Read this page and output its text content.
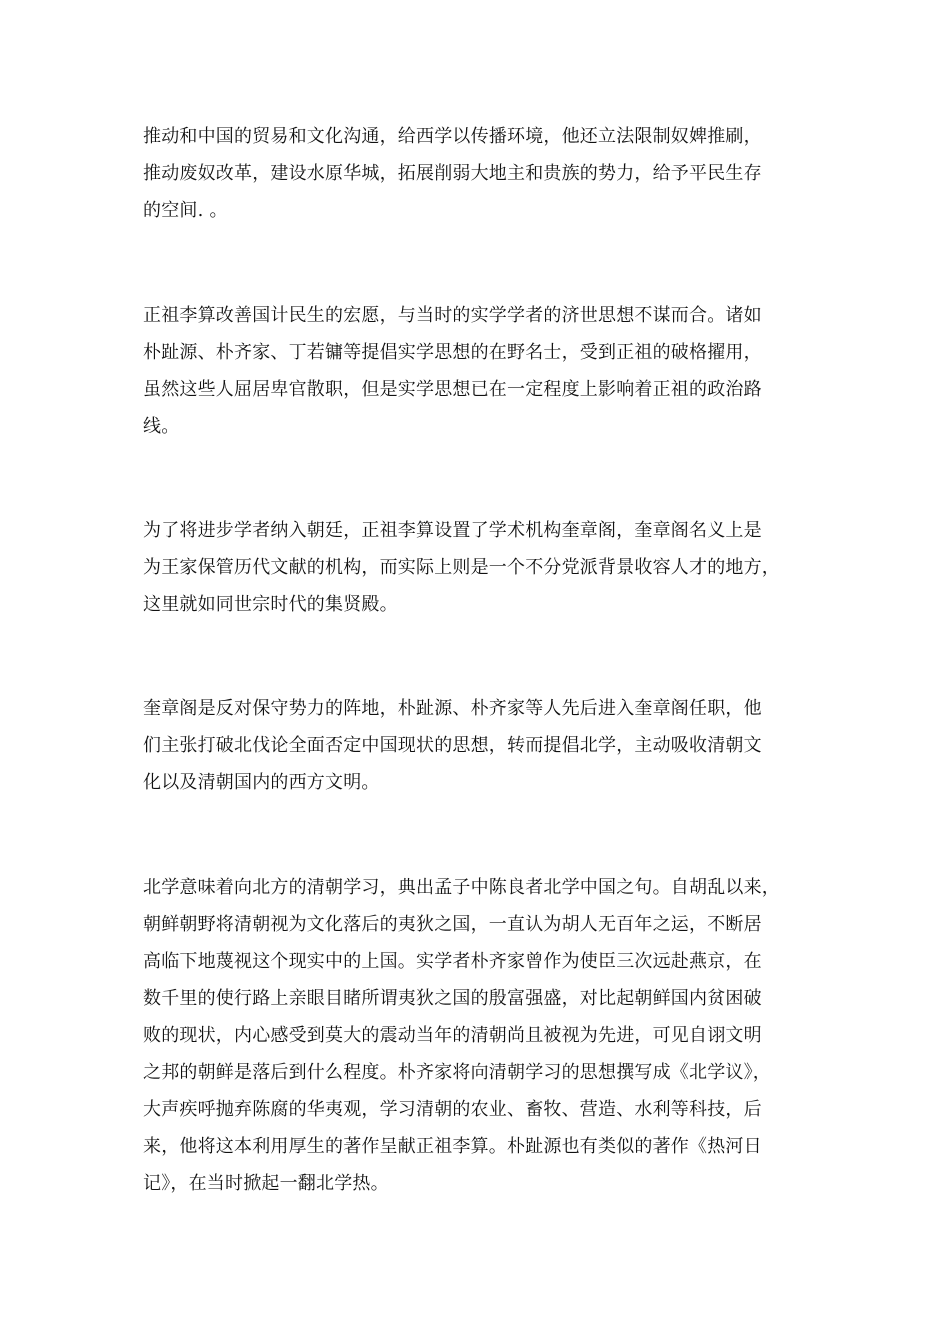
推动和中国的贸易和文化沟通，给西学以传播环境，他还立法限制奴婢推刷，
推动废奴改革，建设水原华城，拓展削弱大地主和贵族的势力，给予平民生存
的空间. 。
正祖李算改善国计民生的宏愿，与当时的实学学者的济世思想不谋而合。诸如
朴趾源、朴齐家、丁若镛等提倡实学思想的在野名士，受到正祖的破格擢用，
虽然这些人屈居卑官散职，但是实学思想已在一定程度上影响着正祖的政治路
线。
为了将进步学者纳入朝廷，正祖李算设置了学术机构奎章阁，奎章阁名义上是
为王家保管历代文献的机构，而实际上则是一个不分党派背景收容人才的地方，
这里就如同世宗时代的集贤殿。
奎章阁是反对保守势力的阵地，朴趾源、朴齐家等人先后进入奎章阁任职，他
们主张打破北伐论全面否定中国现状的思想，转而提倡北学，主动吸收清朝文
化以及清朝国内的西方文明。
北学意味着向北方的清朝学习，典出孟子中陈良者北学中国之句。自胡乱以来，
朝鲜朝野将清朝视为文化落后的夷狄之国，一直认为胡人无百年之运，不断居
高临下地蔑视这个现实中的上国。实学者朴齐家曾作为使臣三次远赴燕京，在
数千里的使行路上亲眼目睹所谓夷狄之国的殷富强盛，对比起朝鲜国内贫困破
败的现状，内心感受到莫大的震动当年的清朝尚且被视为先进，可见自诩文明
之邦的朝鲜是落后到什么程度。朴齐家将向清朝学习的思想撰写成《北学议》，
大声疾呼抛弃陈腐的华夷观，学习清朝的农业、畜牧、营造、水利等科技，后
来，他将这本利用厚生的著作呈献正祖李算。朴趾源也有类似的著作《热河日
记》，在当时掀起一翻北学热。
